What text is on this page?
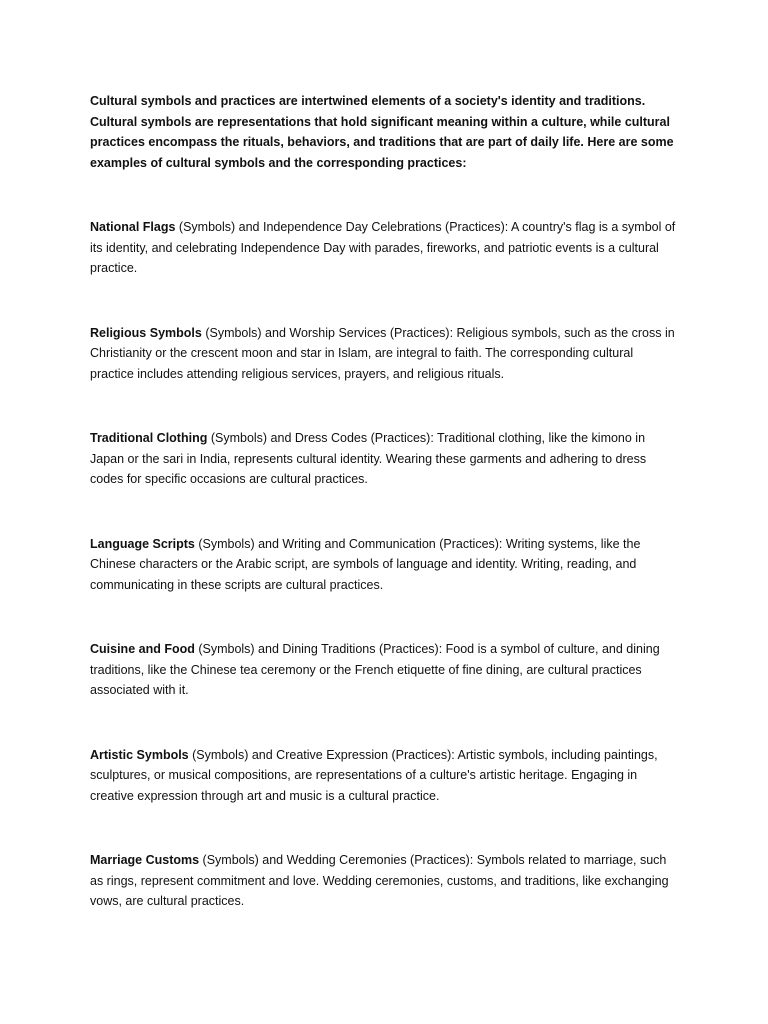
Cultural symbols and practices are intertwined elements of a society's identity and traditions. Cultural symbols are representations that hold significant meaning within a culture, while cultural practices encompass the rituals, behaviors, and traditions that are part of daily life. Here are some examples of cultural symbols and the corresponding practices:

National Flags (Symbols) and Independence Day Celebrations (Practices): A country's flag is a symbol of its identity, and celebrating Independence Day with parades, fireworks, and patriotic events is a cultural practice.

Religious Symbols (Symbols) and Worship Services (Practices): Religious symbols, such as the cross in Christianity or the crescent moon and star in Islam, are integral to faith. The corresponding cultural practice includes attending religious services, prayers, and religious rituals.

Traditional Clothing (Symbols) and Dress Codes (Practices): Traditional clothing, like the kimono in Japan or the sari in India, represents cultural identity. Wearing these garments and adhering to dress codes for specific occasions are cultural practices.

Language Scripts (Symbols) and Writing and Communication (Practices): Writing systems, like the Chinese characters or the Arabic script, are symbols of language and identity. Writing, reading, and communicating in these scripts are cultural practices.

Cuisine and Food (Symbols) and Dining Traditions (Practices): Food is a symbol of culture, and dining traditions, like the Chinese tea ceremony or the French etiquette of fine dining, are cultural practices associated with it.

Artistic Symbols (Symbols) and Creative Expression (Practices): Artistic symbols, including paintings, sculptures, or musical compositions, are representations of a culture's artistic heritage. Engaging in creative expression through art and music is a cultural practice.

Marriage Customs (Symbols) and Wedding Ceremonies (Practices): Symbols related to marriage, such as rings, represent commitment and love. Wedding ceremonies, customs, and traditions, like exchanging vows, are cultural practices.
